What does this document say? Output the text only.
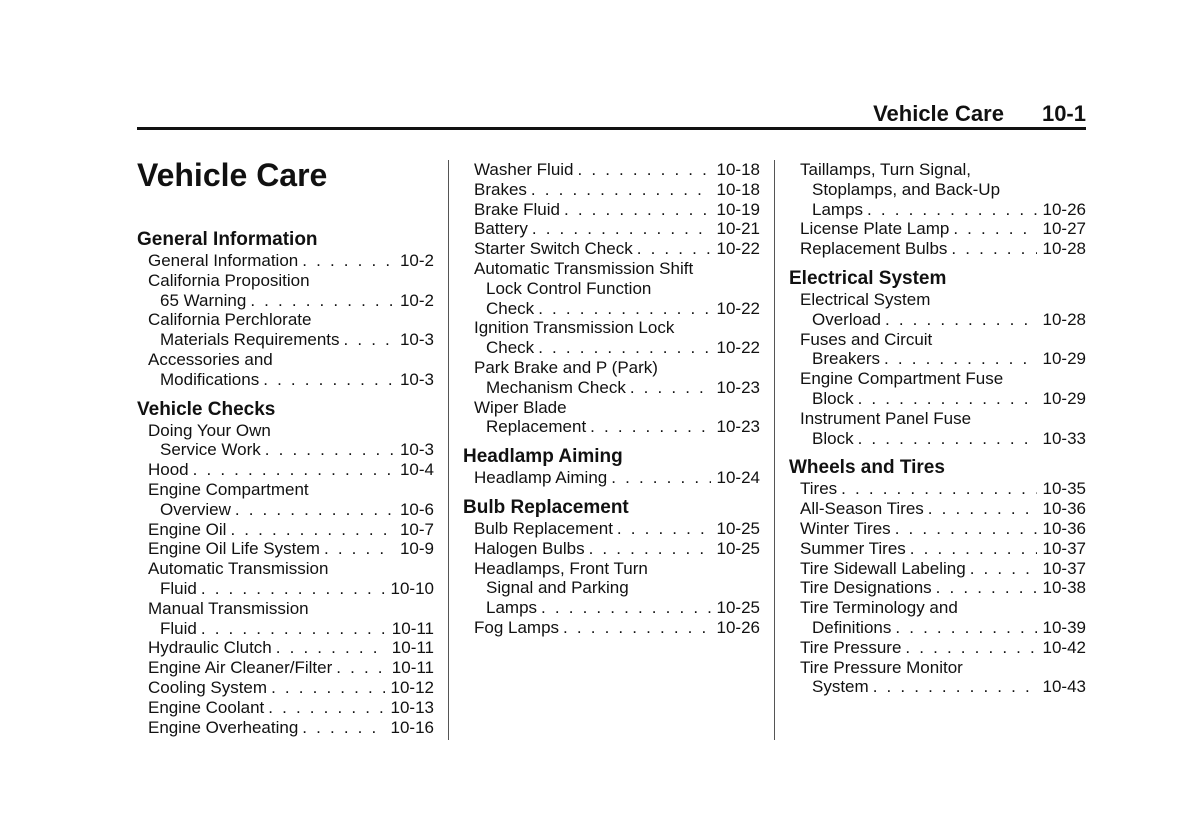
Vehicle Care 10-1
Vehicle Care
General Information
General Information . . .	10-2
California Proposition
65 Warning . . .	10-2
California Perchlorate
Materials Requirements . . .	10-3
Accessories and
Modifications . . .	10-3
Vehicle Checks
Doing Your Own
Service Work . . .	10-3
Hood . . .	10-4
Engine Compartment
Overview . . .	10-6
Engine Oil . . .	10-7
Engine Oil Life System . . .	10-9
Automatic Transmission
Fluid . . .	10-10
Manual Transmission
Fluid . . .	10-11
Hydraulic Clutch . . .	10-11
Engine Air Cleaner/Filter . . .	10-11
Cooling System . . .	10-12
Engine Coolant . . .	10-13
Engine Overheating . . .	10-16
Washer Fluid . . .	10-18
Brakes . . .	10-18
Brake Fluid . . .	10-19
Battery . . .	10-21
Starter Switch Check . . .	10-22
Automatic Transmission Shift
Lock Control Function
Check . . .	10-22
Ignition Transmission Lock
Check . . .	10-22
Park Brake and P (Park)
Mechanism Check . . .	10-23
Wiper Blade
Replacement . . .	10-23
Headlamp Aiming
Headlamp Aiming . . .	10-24
Bulb Replacement
Bulb Replacement . . .	10-25
Halogen Bulbs . . .	10-25
Headlamps, Front Turn
Signal and Parking
Lamps . . .	10-25
Fog Lamps . . .	10-26
Taillamps, Turn Signal,
Stoplamps, and Back-Up
Lamps . . .	10-26
License Plate Lamp . . .	10-27
Replacement Bulbs . . .	10-28
Electrical System
Electrical System
Overload . . .	10-28
Fuses and Circuit
Breakers . . .	10-29
Engine Compartment Fuse
Block . . .	10-29
Instrument Panel Fuse
Block . . .	10-33
Wheels and Tires
Tires . . .	10-35
All-Season Tires . . .	10-36
Winter Tires . . .	10-36
Summer Tires . . .	10-37
Tire Sidewall Labeling . . .	10-37
Tire Designations . . .	10-38
Tire Terminology and
Definitions . . .	10-39
Tire Pressure . . .	10-42
Tire Pressure Monitor
System . . .	10-43
